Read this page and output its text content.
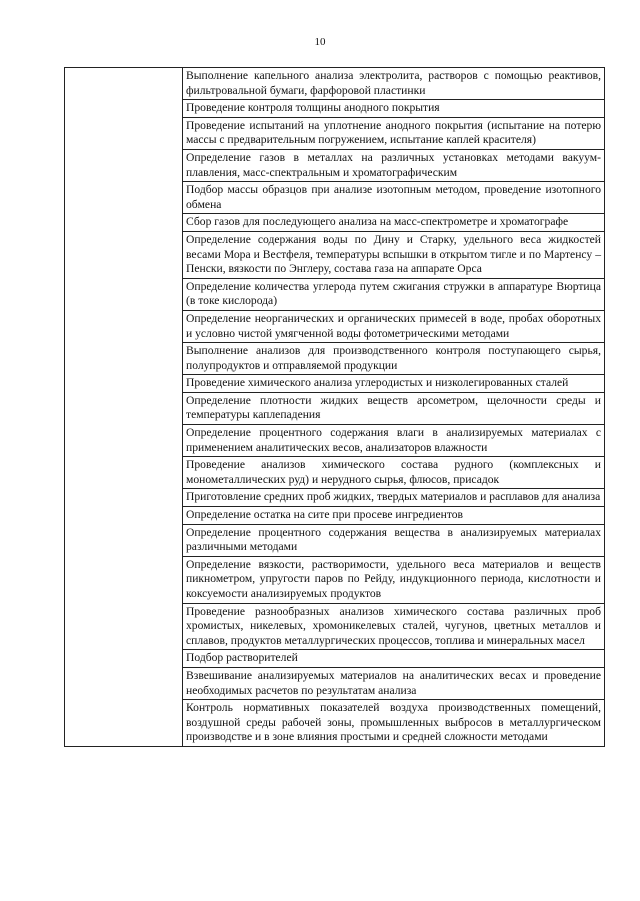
10

Выполнение капельного анализа электролита, растворов с помощью реактивов, фильтровальной бумаги, фарфоровой пластинки

Проведение контроля толщины анодного покрытия

Проведение испытаний на уплотнение анодного покрытия (испытание на потерю массы с предварительным погружением, испытание каплей красителя)

Определение газов в металлах на различных установках методами вакуум-плавления, масс-спектральным и хроматографическим

Подбор массы образцов при анализе изотопным методом, проведение изотопного обмена

Сбор газов для последующего анализа на масс-спектрометре и хроматографе

Определение содержания воды по Дину и Старку, удельного веса жидкостей весами Мора и Вестфеля, температуры вспышки в открытом тигле и по Мартенсу – Пенски, вязкости по Энглеру, состава газа на аппарате Орса

Определение количества углерода путем сжигания стружки в аппаратуре Вюртица (в токе кислорода)

Определение неорганических и органических примесей в воде, пробах оборотных и условно чистой умягченной воды фотометрическими методами

Выполнение анализов для производственного контроля поступающего сырья, полупродуктов и отправляемой продукции

Проведение химического анализа углеродистых и низколегированных сталей

Определение плотности жидких веществ арсометром, щелочности среды и температуры каплепадения

Определение процентного содержания влаги в анализируемых материалах с применением аналитических весов, анализаторов влажности

Проведение анализов химического состава рудного (комплексных и монометаллических руд) и нерудного сырья, флюсов, присадок

Приготовление средних проб жидких, твердых материалов и расплавов для анализа

Определение остатка на сите при просеве ингредиентов

Определение процентного содержания вещества в анализируемых материалах различными методами

Определение вязкости, растворимости, удельного веса материалов и веществ пикнометром, упругости паров по Рейду, индукционного периода, кислотности и коксуемости анализируемых продуктов

Проведение разнообразных анализов химического состава различных проб хромистых, никелевых, хромоникелевых сталей, чугунов, цветных металлов и сплавов, продуктов металлургических процессов, топлива и минеральных масел

Подбор растворителей

Взвешивание анализируемых материалов на аналитических весах и проведение необходимых расчетов по результатам анализа

Контроль нормативных показателей воздуха производственных помещений, воздушной среды рабочей зоны, промышленных выбросов в металлургическом производстве и в зоне влияния простыми и средней сложности методами
